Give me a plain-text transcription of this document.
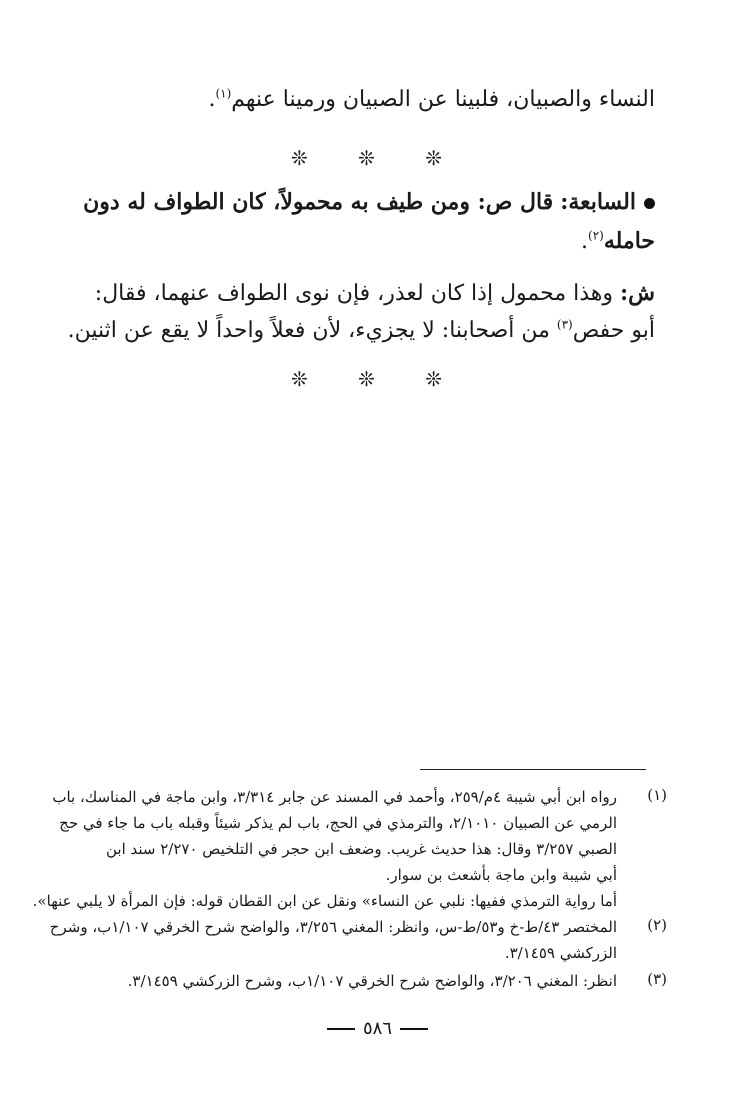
النساء والصبيان، فلبينا عن الصبيان ورمينا عنهم$^{(١)}$.
❊ ❊ ❊
السابعة: قال ص: ومن طيف به محمولاً، كان الطواف له دون
حامله$^{(٢)}$.
ش: وهذا محمول إذا كان لعذر، فإن نوى الطواف عنهما، فقال:
أبو حفص$^{(٣)}$ من أصحابنا: لا يجزيء، لأن فعلاً واحداً لا يقع عن اثنين.
❊ ❊ ❊
(١)
رواه ابن أبي شيبة ٤م/٢٥٩، وأحمد في المسند عن جابر ٣/٣١٤، وابن ماجة في المناسك، باب
الرمي عن الصبيان ٢/١٠١٠، والترمذي في الحج، باب لم يذكر شيئاً وقبله باب ما جاء في حج
الصبي ٣/٢٥٧ وقال: هذا حديث غريب. وضعف ابن حجر في التلخيص ٢/٢٧٠ سند ابن
أبي شيبة وابن ماجة بأشعث بن سوار.
أما رواية الترمذي ففيها: نلبي عن النساء» ونقل عن ابن القطان قوله: فإن المرأة لا يلبي عنها».
(٢)
المختصر ٤٣/ط-خ و٥٣/ط-س، وانظر: المغني ٣/٢٥٦، والواضح شرح الخرقي ١/١٠٧ب، وشرح
الزركشي ٣/١٤٥٩.
(٣)
انظر: المغني ٣/٢٠٦، والواضح شرح الخرقي ١/١٠٧ب، وشرح الزركشي ٣/١٤٥٩.
٥٨٦
